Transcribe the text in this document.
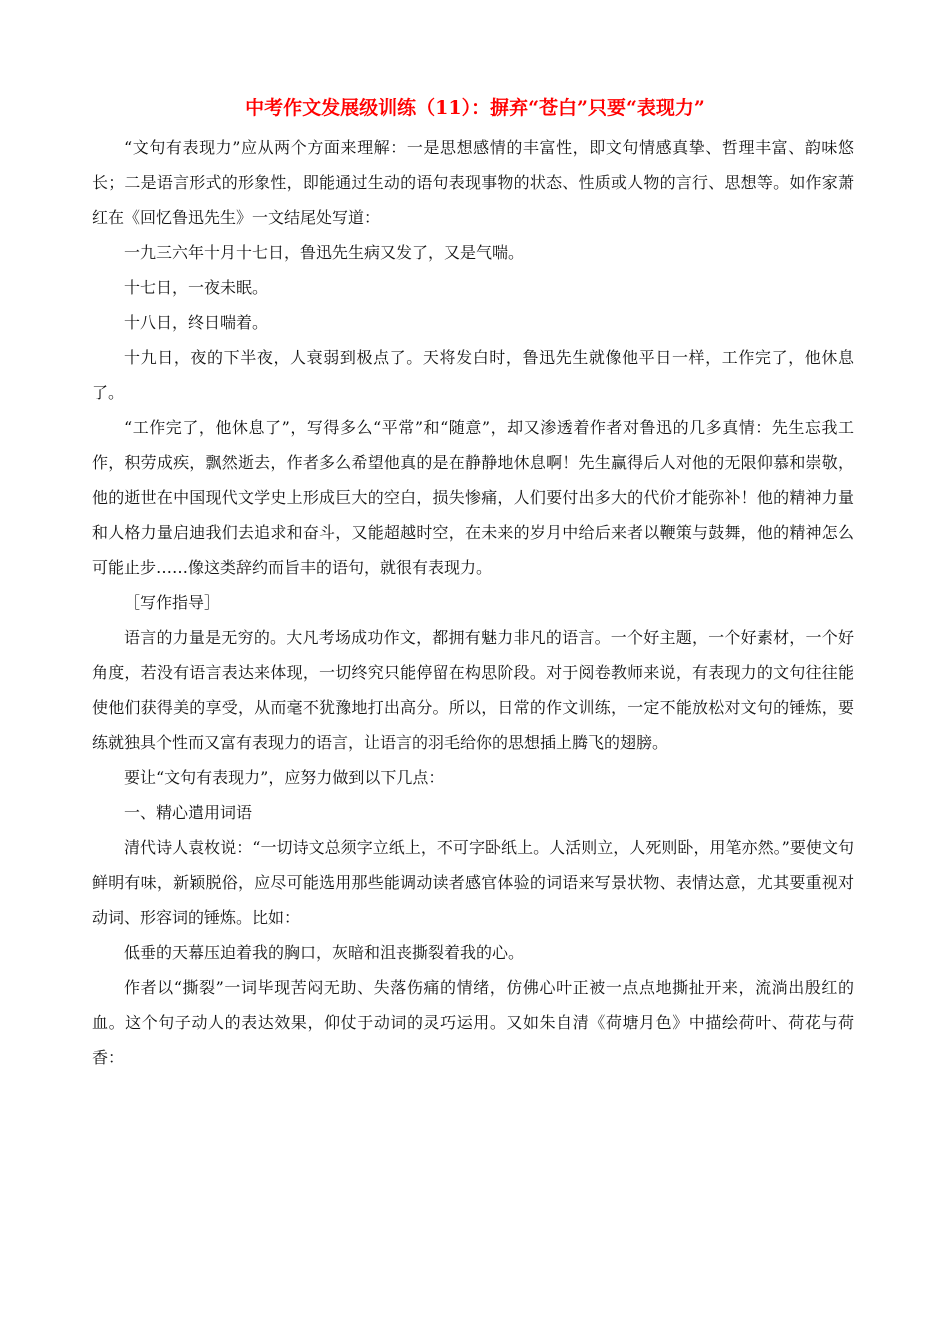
中考作文发展级训练（11）：摒弃“苍白”只要“表现力”

“文句有表现力”应从两个方面来理解：一是思想感情的丰富性，即文句情感真挚、哲理丰富、韵味悠长；二是语言形式的形象性，即能通过生动的语句表现事物的状态、性质或人物的言行、思想等。如作家萧红在《回忆鲁迅先生》一文结尾处写道：

一九三六年十月十七日，鲁迅先生病又发了，又是气喘。

十七日，一夜未眠。

十八日，终日喘着。

十九日，夜的下半夜，人衰弱到极点了。天将发白时，鲁迅先生就像他平日一样，工作完了，他休息了。

“工作完了，他休息了”，写得多么“平常”和“随意”，却又渗透着作者对鲁迅的几多真情：先生忘我工作，积劳成疾，飘然逝去，作者多么希望他真的是在静静地休息啊！先生赢得后人对他的无限仰慕和崇敬，他的逝世在中国现代文学史上形成巨大的空白，损失惨痛，人们要付出多大的代价才能弥补！他的精神力量和人格力量启迪我们去追求和奋斗，又能超越时空，在未来的岁月中给后来者以鞭策与鼓舞，他的精神怎么可能止步……像这类辞约而旨丰的语句，就很有表现力。

［写作指导］

语言的力量是无穷的。大凡考场成功作文，都拥有魅力非凡的语言。一个好主题，一个好素材，一个好角度，若没有语言表达来体现，一切终究只能停留在构思阶段。对于阅卷教师来说，有表现力的文句往往能使他们获得美的享受，从而毫不犹豫地打出高分。所以，日常的作文训练，一定不能放松对文句的锤炼，要练就独具个性而又富有表现力的语言，让语言的羽毛给你的思想插上腾飞的翅膀。

要让“文句有表现力”，应努力做到以下几点：

一、精心遣用词语

清代诗人袁枚说：“一切诗文总须字立纸上，不可字卧纸上。人活则立，人死则卧，用笔亦然。”要使文句鲜明有味，新颖脱俗，应尽可能选用那些能调动读者感官体验的词语来写景状物、表情达意，尤其要重视对动词、形容词的锤炼。比如：

低垂的天幕压迫着我的胸口，灰暗和沮丧撕裂着我的心。

作者以“撕裂”一词毕现苦闷无助、失落伤痛的情绪，仿佛心叶正被一点点地撕扯开来，流淌出殷红的血。这个句子动人的表达效果，仰仗于动词的灵巧运用。又如朱自清《荷塘月色》中描绘荷叶、荷花与荷香：
